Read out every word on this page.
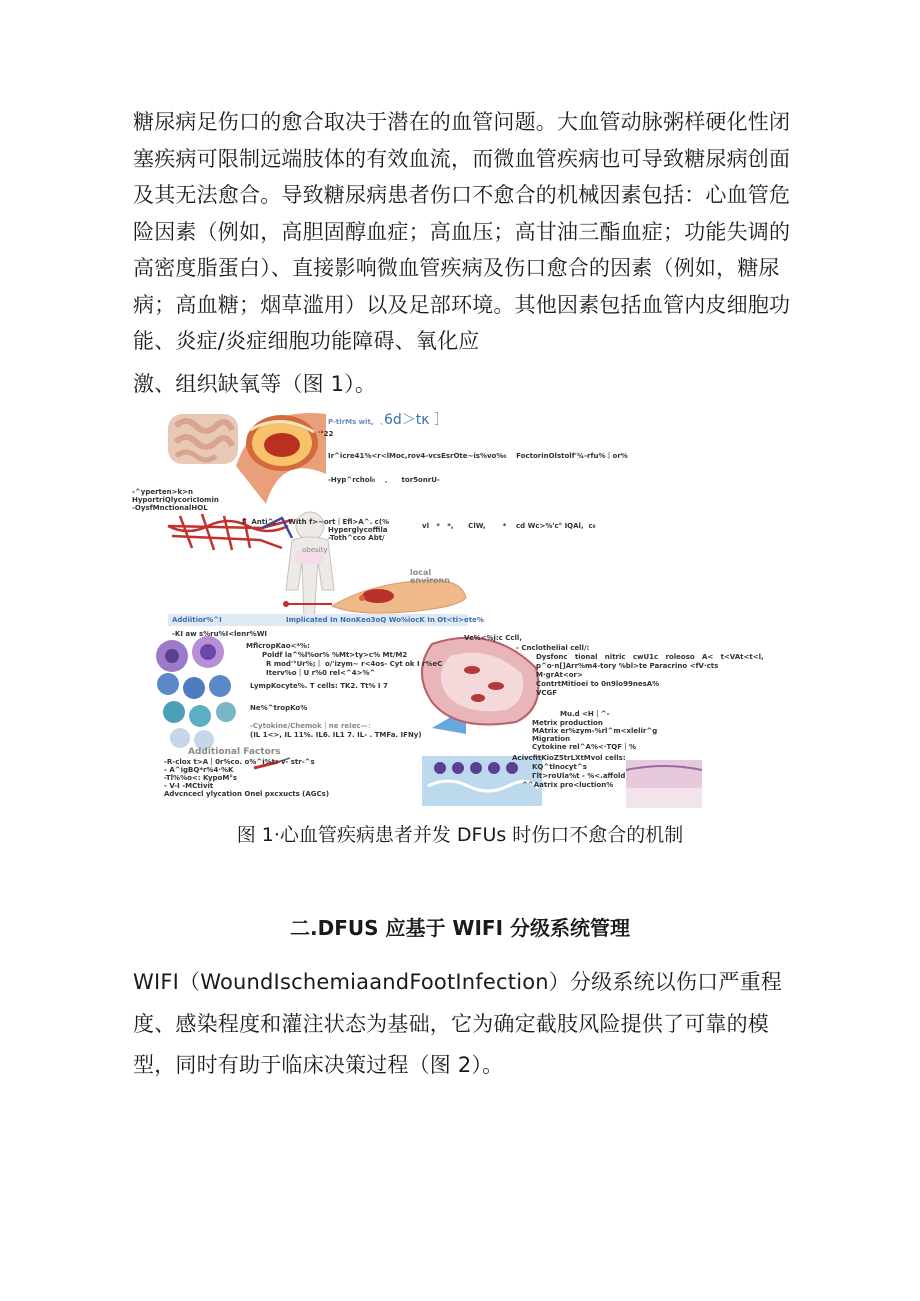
糖尿病足伤口的愈合取决于潜在的血管问题。大血管动脉粥样硬化性闭塞疾病可限制远端肢体的有效血流，而微血管疾病也可导致糖尿病创面及其无法愈合。导致糖尿病患者伤口不愈合的机械因素包括：心血管危险因素（例如，高胆固醇血症；高血压；高甘油三酯血症；功能失调的高密度脂蛋白）、直接影响微血管疾病及伤口愈合的因素（例如，糖尿病；高血糖；烟草滥用）以及足部环境。其他因素包括血管内皮细胞功能、炎症/炎症细胞功能障碍、氧化应

激、组织缺氧等（图 1）。

P-tlrMs wit。 、
6d＞tκ ］
'°22
Ir^icre41%<r<lMoc,rov4-vcsEsrOte~is%vo%₀    FoctorinOlstolf'¾-rfu%｜or%
-Hyp^rchol₀    、    tor5onrU-
-^yperten>k>n
HyportriQlycoricIomin
-OysfMnctionalHOL
Γ  Anti^,     With f>~ort｜Efl>A^. c(%
Hyperglycoffila
-Toth^cco Abt/
vl   *   *,      ClW,       *    cd Wc>%'c° IQAl,  c₀
obesity
local
environn
Addiitior%^I	Implicated In NonKeo3oQ Wo%iocK In Ot<ti>ete%
-KI aw s%ru%I<lenr%WI
MflcropKao<*%:
Poldf la^%l%or% %Mt>ty>c% Mt/M2
R mod'°Ur%;｜ o/'izym~ r<4os- Cyt ok I r%eC
Iterv%o｜U r%0 rel<^4>%^
LympKocyte%. T cells: TK2. Tt% I 7
Ne%^tropKo%
-Cytokine/Chemok｜ne reIec—：
(IL 1<>, IL 11%. IL6. IL1 7. IL- . TMFa. IFNy)
Additional Factors
-R-clox t>A｜0r%co. o%^i%t>v- str-^s
- A^igBQ*r%4·%K
-Tl%%o<: KypoM°s
- V-I -MCtivit
Advcncecl ylycation Onel pxcxucts (AGCs)
Vc%<%j:c Ccll,
- Cnclothelial cell/:
Dysfonc   tional   nitric   cwU1c   roleoso   A<   t<VAt<t<l,
p^o·n[]Arr%m4-tory %bl>te Paracrino <fV·cts
M·grAt<or>
ContrtMitioei to 0n9lo99nesA%
VCGF
Mu.d <H｜^-
Metrix production
MAtrix er%zym-%rl^m<xlelir^g
Migration
Cytokine rel^A%<·TQF｜%
AcivcfitKioZ5trLXtMvol cells:
KQ^tlnocyt^s
Γlt>roUla%t - %<.affold
^^Aatrix pro<luction%
图 1·心血管疾病患者并发 DFUs 时伤口不愈合的机制
二.DFUS 应基于 WIFI 分级系统管理

WIFI（WoundIschemiaandFootInfection）分级系统以伤口严重程度、感染程度和灌注状态为基础，它为确定截肢风险提供了可靠的模型，同时有助于临床决策过程（图 2）。
